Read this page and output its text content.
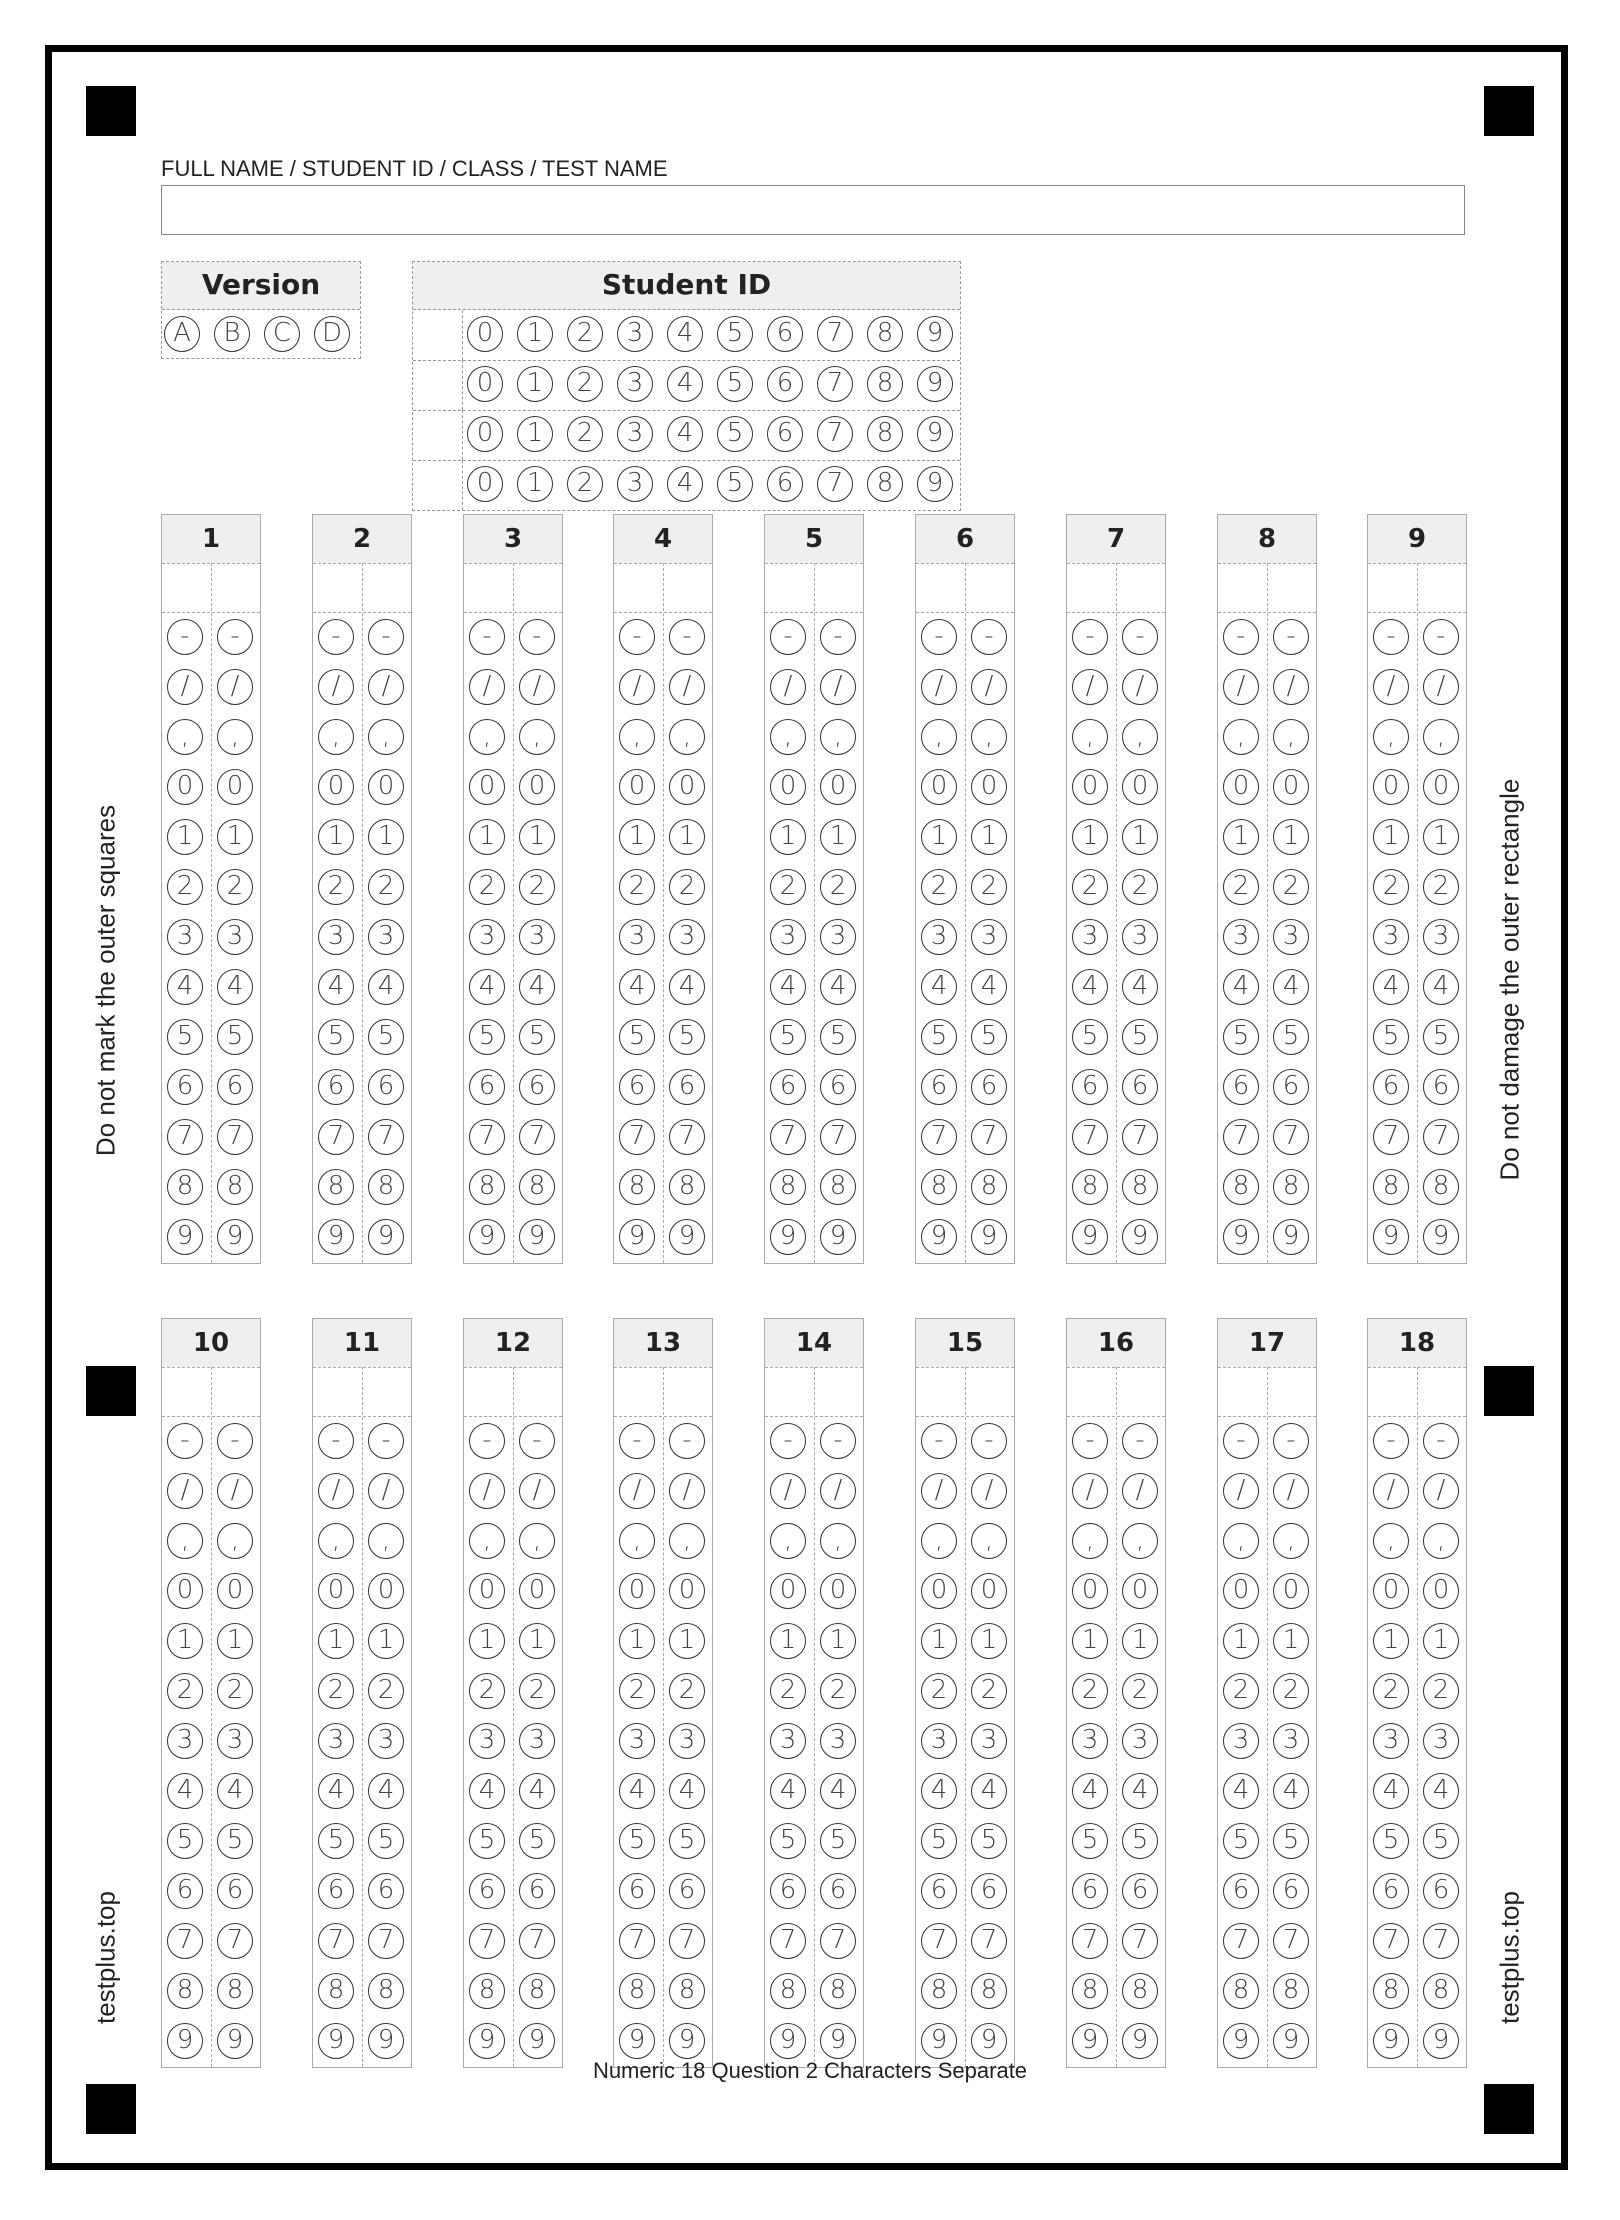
FULL NAME / STUDENT ID / CLASS / TEST NAME
Version
A	B	C	D
Student ID
0	1	2	3	4	5	6	7	8	9
0	1	2	3	4	5	6	7	8	9
0	1	2	3	4	5	6	7	8	9
0	1	2	3	4	5	6	7	8	9
1
-	-
/	/
,	,
0	0
1	1
2	2
3	3
4	4
5	5
6	6
7	7
8	8
9	9
2
-	-
/	/
,	,
0	0
1	1
2	2
3	3
4	4
5	5
6	6
7	7
8	8
9	9
3
-	-
/	/
,	,
0	0
1	1
2	2
3	3
4	4
5	5
6	6
7	7
8	8
9	9
4
-	-
/	/
,	,
0	0
1	1
2	2
3	3
4	4
5	5
6	6
7	7
8	8
9	9
5
-	-
/	/
,	,
0	0
1	1
2	2
3	3
4	4
5	5
6	6
7	7
8	8
9	9
6
-	-
/	/
,	,
0	0
1	1
2	2
3	3
4	4
5	5
6	6
7	7
8	8
9	9
7
-	-
/	/
,	,
0	0
1	1
2	2
3	3
4	4
5	5
6	6
7	7
8	8
9	9
8
-	-
/	/
,	,
0	0
1	1
2	2
3	3
4	4
5	5
6	6
7	7
8	8
9	9
9
-	-
/	/
,	,
0	0
1	1
2	2
3	3
4	4
5	5
6	6
7	7
8	8
9	9
10
-	-
/	/
,	,
0	0
1	1
2	2
3	3
4	4
5	5
6	6
7	7
8	8
9	9
11
-	-
/	/
,	,
0	0
1	1
2	2
3	3
4	4
5	5
6	6
7	7
8	8
9	9
12
-	-
/	/
,	,
0	0
1	1
2	2
3	3
4	4
5	5
6	6
7	7
8	8
9	9
13
-	-
/	/
,	,
0	0
1	1
2	2
3	3
4	4
5	5
6	6
7	7
8	8
9	9
14
-	-
/	/
,	,
0	0
1	1
2	2
3	3
4	4
5	5
6	6
7	7
8	8
9	9
15
-	-
/	/
,	,
0	0
1	1
2	2
3	3
4	4
5	5
6	6
7	7
8	8
9	9
16
-	-
/	/
,	,
0	0
1	1
2	2
3	3
4	4
5	5
6	6
7	7
8	8
9	9
17
-	-
/	/
,	,
0	0
1	1
2	2
3	3
4	4
5	5
6	6
7	7
8	8
9	9
18
-	-
/	/
,	,
0	0
1	1
2	2
3	3
4	4
5	5
6	6
7	7
8	8
9	9
Do not mark the outer squares	Do not damage the outer rectangle
testplus.top	testplus.top
Numeric 18 Question 2 Characters Separate
